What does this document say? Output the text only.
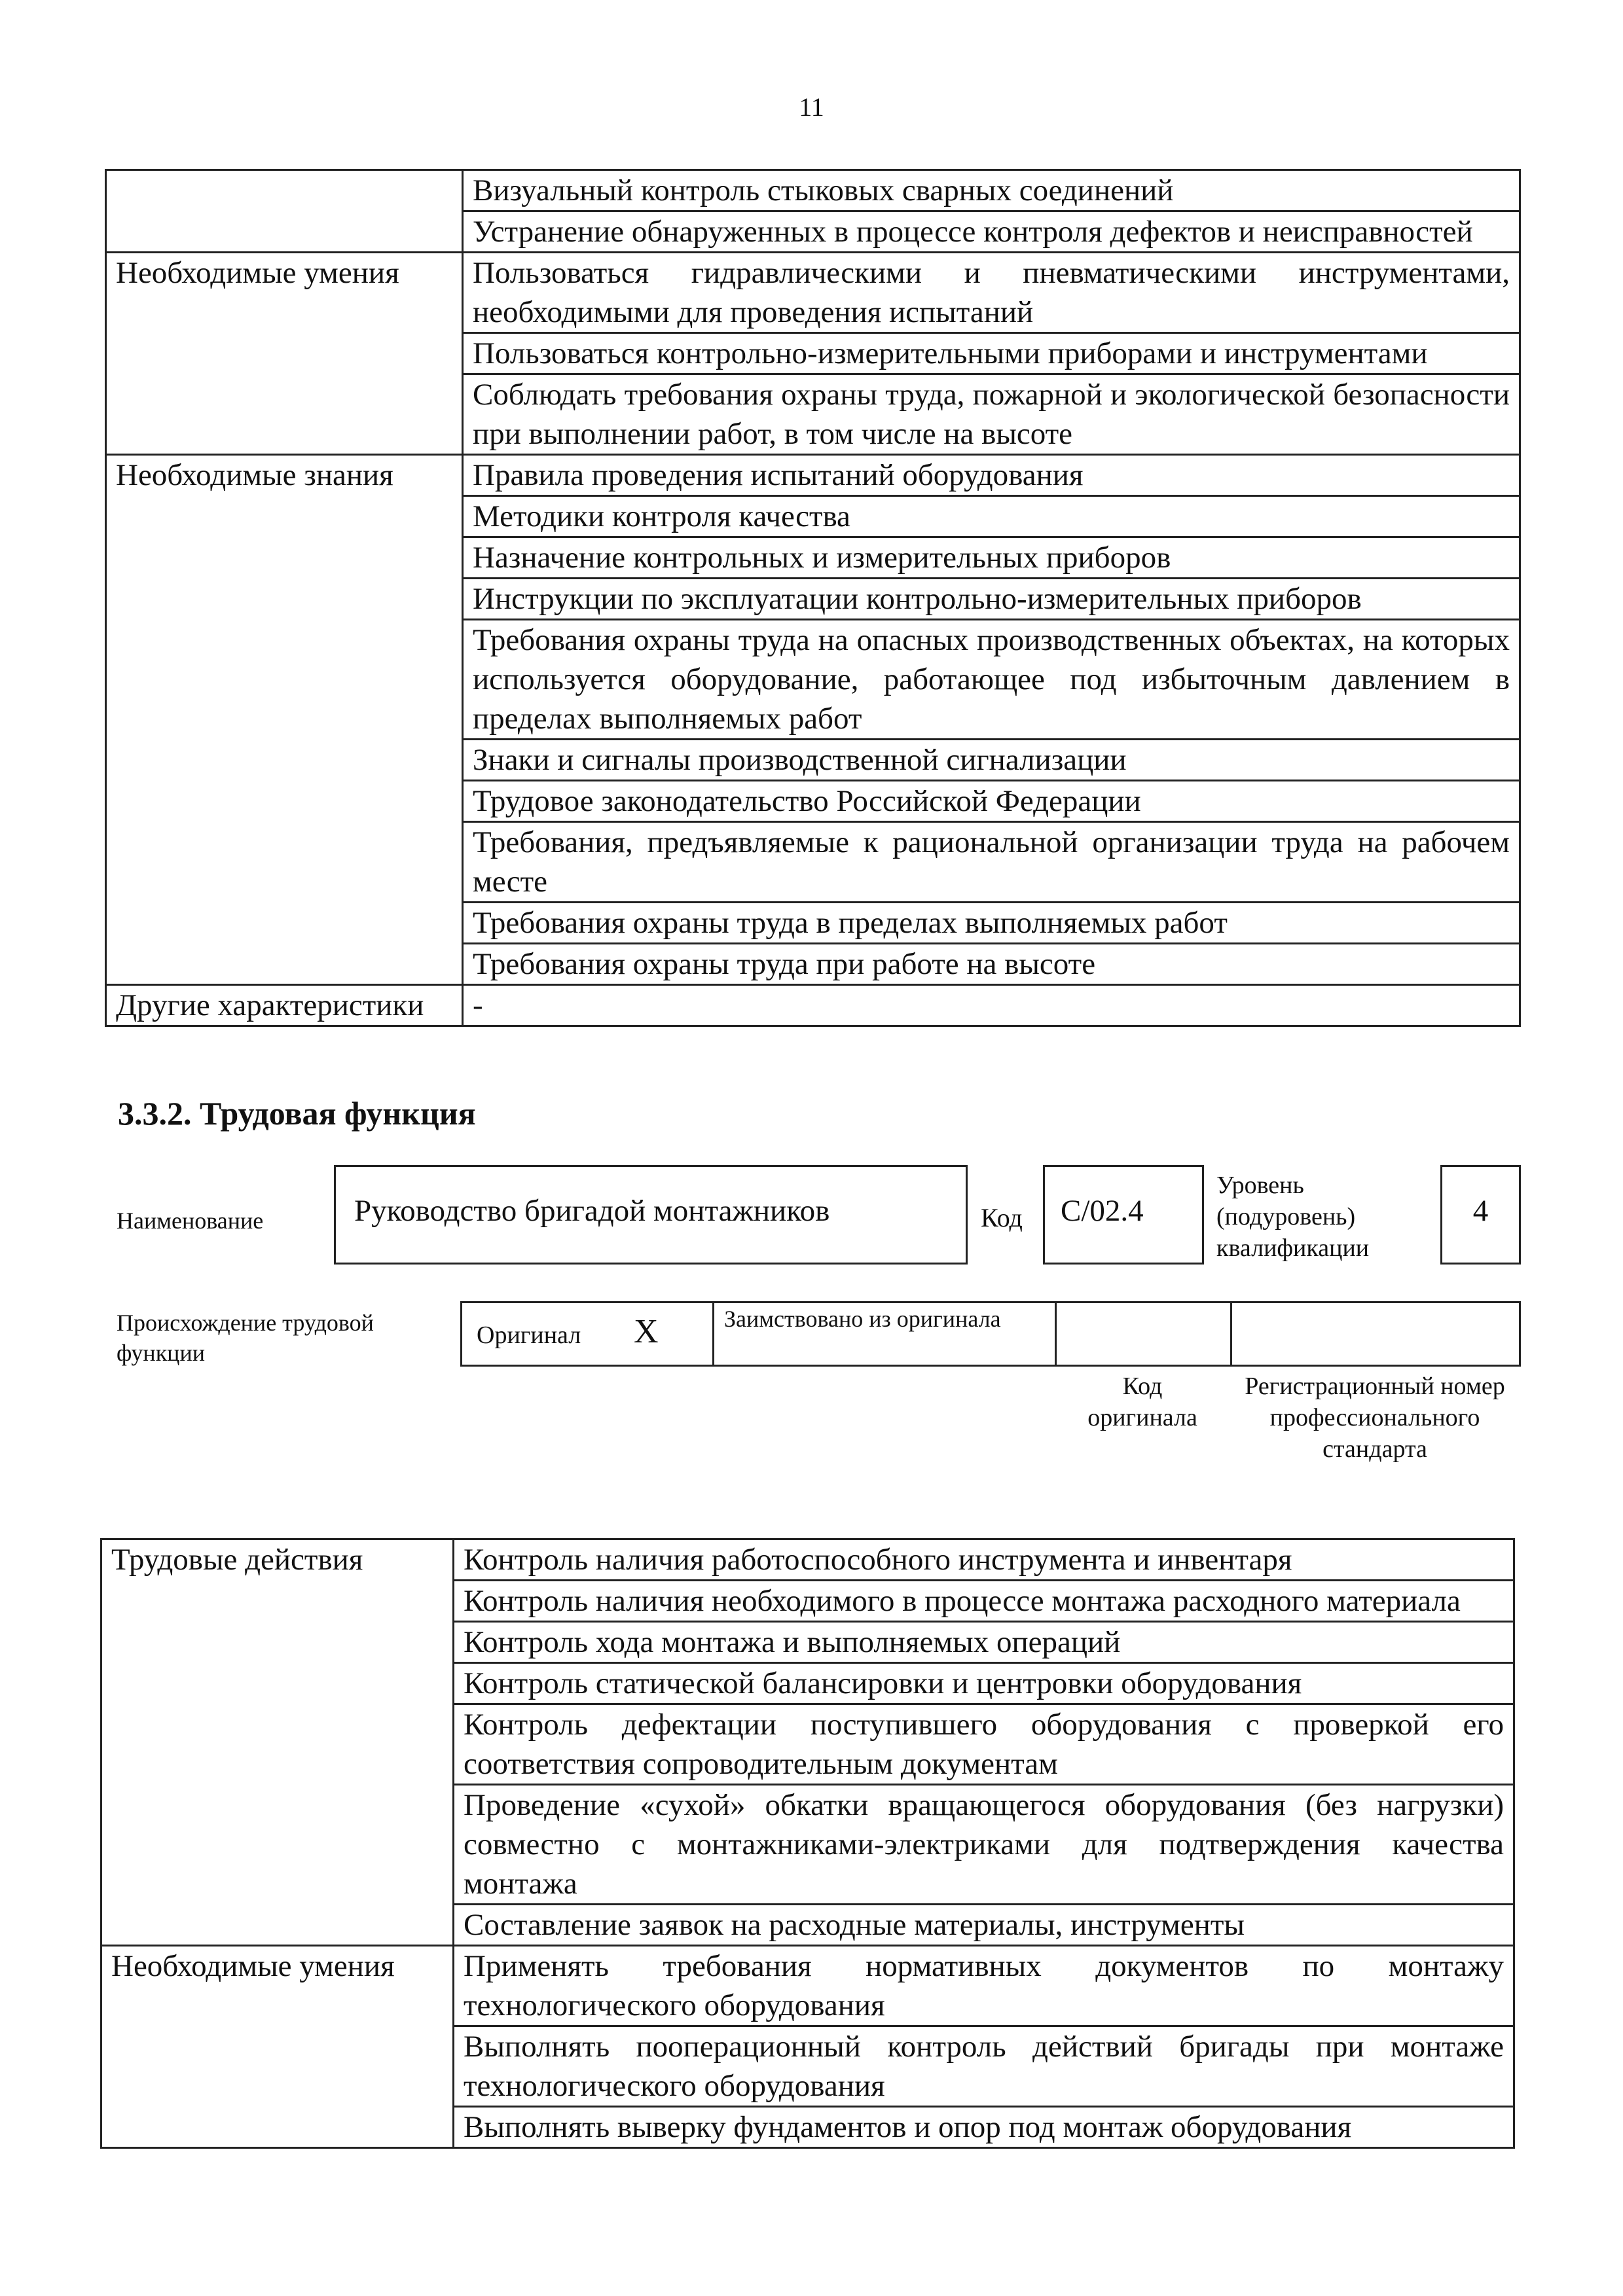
11
	Визуальный контроль стыковых сварных соединений
	Устранение обнаруженных в процессе контроля дефектов и неисправностей
Необходимые умения	Пользоваться гидравлическими и пневматическими инструментами, необходимыми для проведения испытаний
	Пользоваться контрольно-измерительными приборами и инструментами
	Соблюдать требования охраны труда, пожарной и экологической безопасности при выполнении работ, в том числе на высоте
Необходимые знания	Правила проведения испытаний оборудования
	Методики контроля качества
	Назначение контрольных и измерительных приборов
	Инструкции по эксплуатации контрольно-измерительных приборов
	Требования охраны труда на опасных производственных объектах, на которых используется оборудование, работающее под избыточным давлением в пределах выполняемых работ
	Знаки и сигналы производственной сигнализации
	Трудовое законодательство Российской Федерации
	Требования, предъявляемые к рациональной организации труда на рабочем месте
	Требования охраны труда в пределах выполняемых работ
	Требования охраны труда при работе на высоте
Другие характеристики	-
3.3.2. Трудовая функция
Наименование	Руководство бригадой монтажников	Код С/02.4
Уровень (подуровень) квалификации
4
Происхождение трудовой функции
Оригинал X	Заимствовано из оригинала
Код оригинала
Регистрационный номер профессионального стандарта
Трудовые действия	Контроль наличия работоспособного инструмента и инвентаря
	Контроль наличия необходимого в процессе монтажа расходного материала
	Контроль хода монтажа и выполняемых операций
	Контроль статической балансировки и центровки оборудования
	Контроль дефектации поступившего оборудования с проверкой его соответствия сопроводительным документам
	Проведение «сухой» обкатки вращающегося оборудования (без нагрузки) совместно с монтажниками-электриками для подтверждения качества монтажа
	Составление заявок на расходные материалы, инструменты
Необходимые умения	Применять требования нормативных документов по монтажу технологического оборудования
	Выполнять пооперационный контроль действий бригады при монтаже технологического оборудования
	Выполнять выверку фундаментов и опор под монтаж оборудования
